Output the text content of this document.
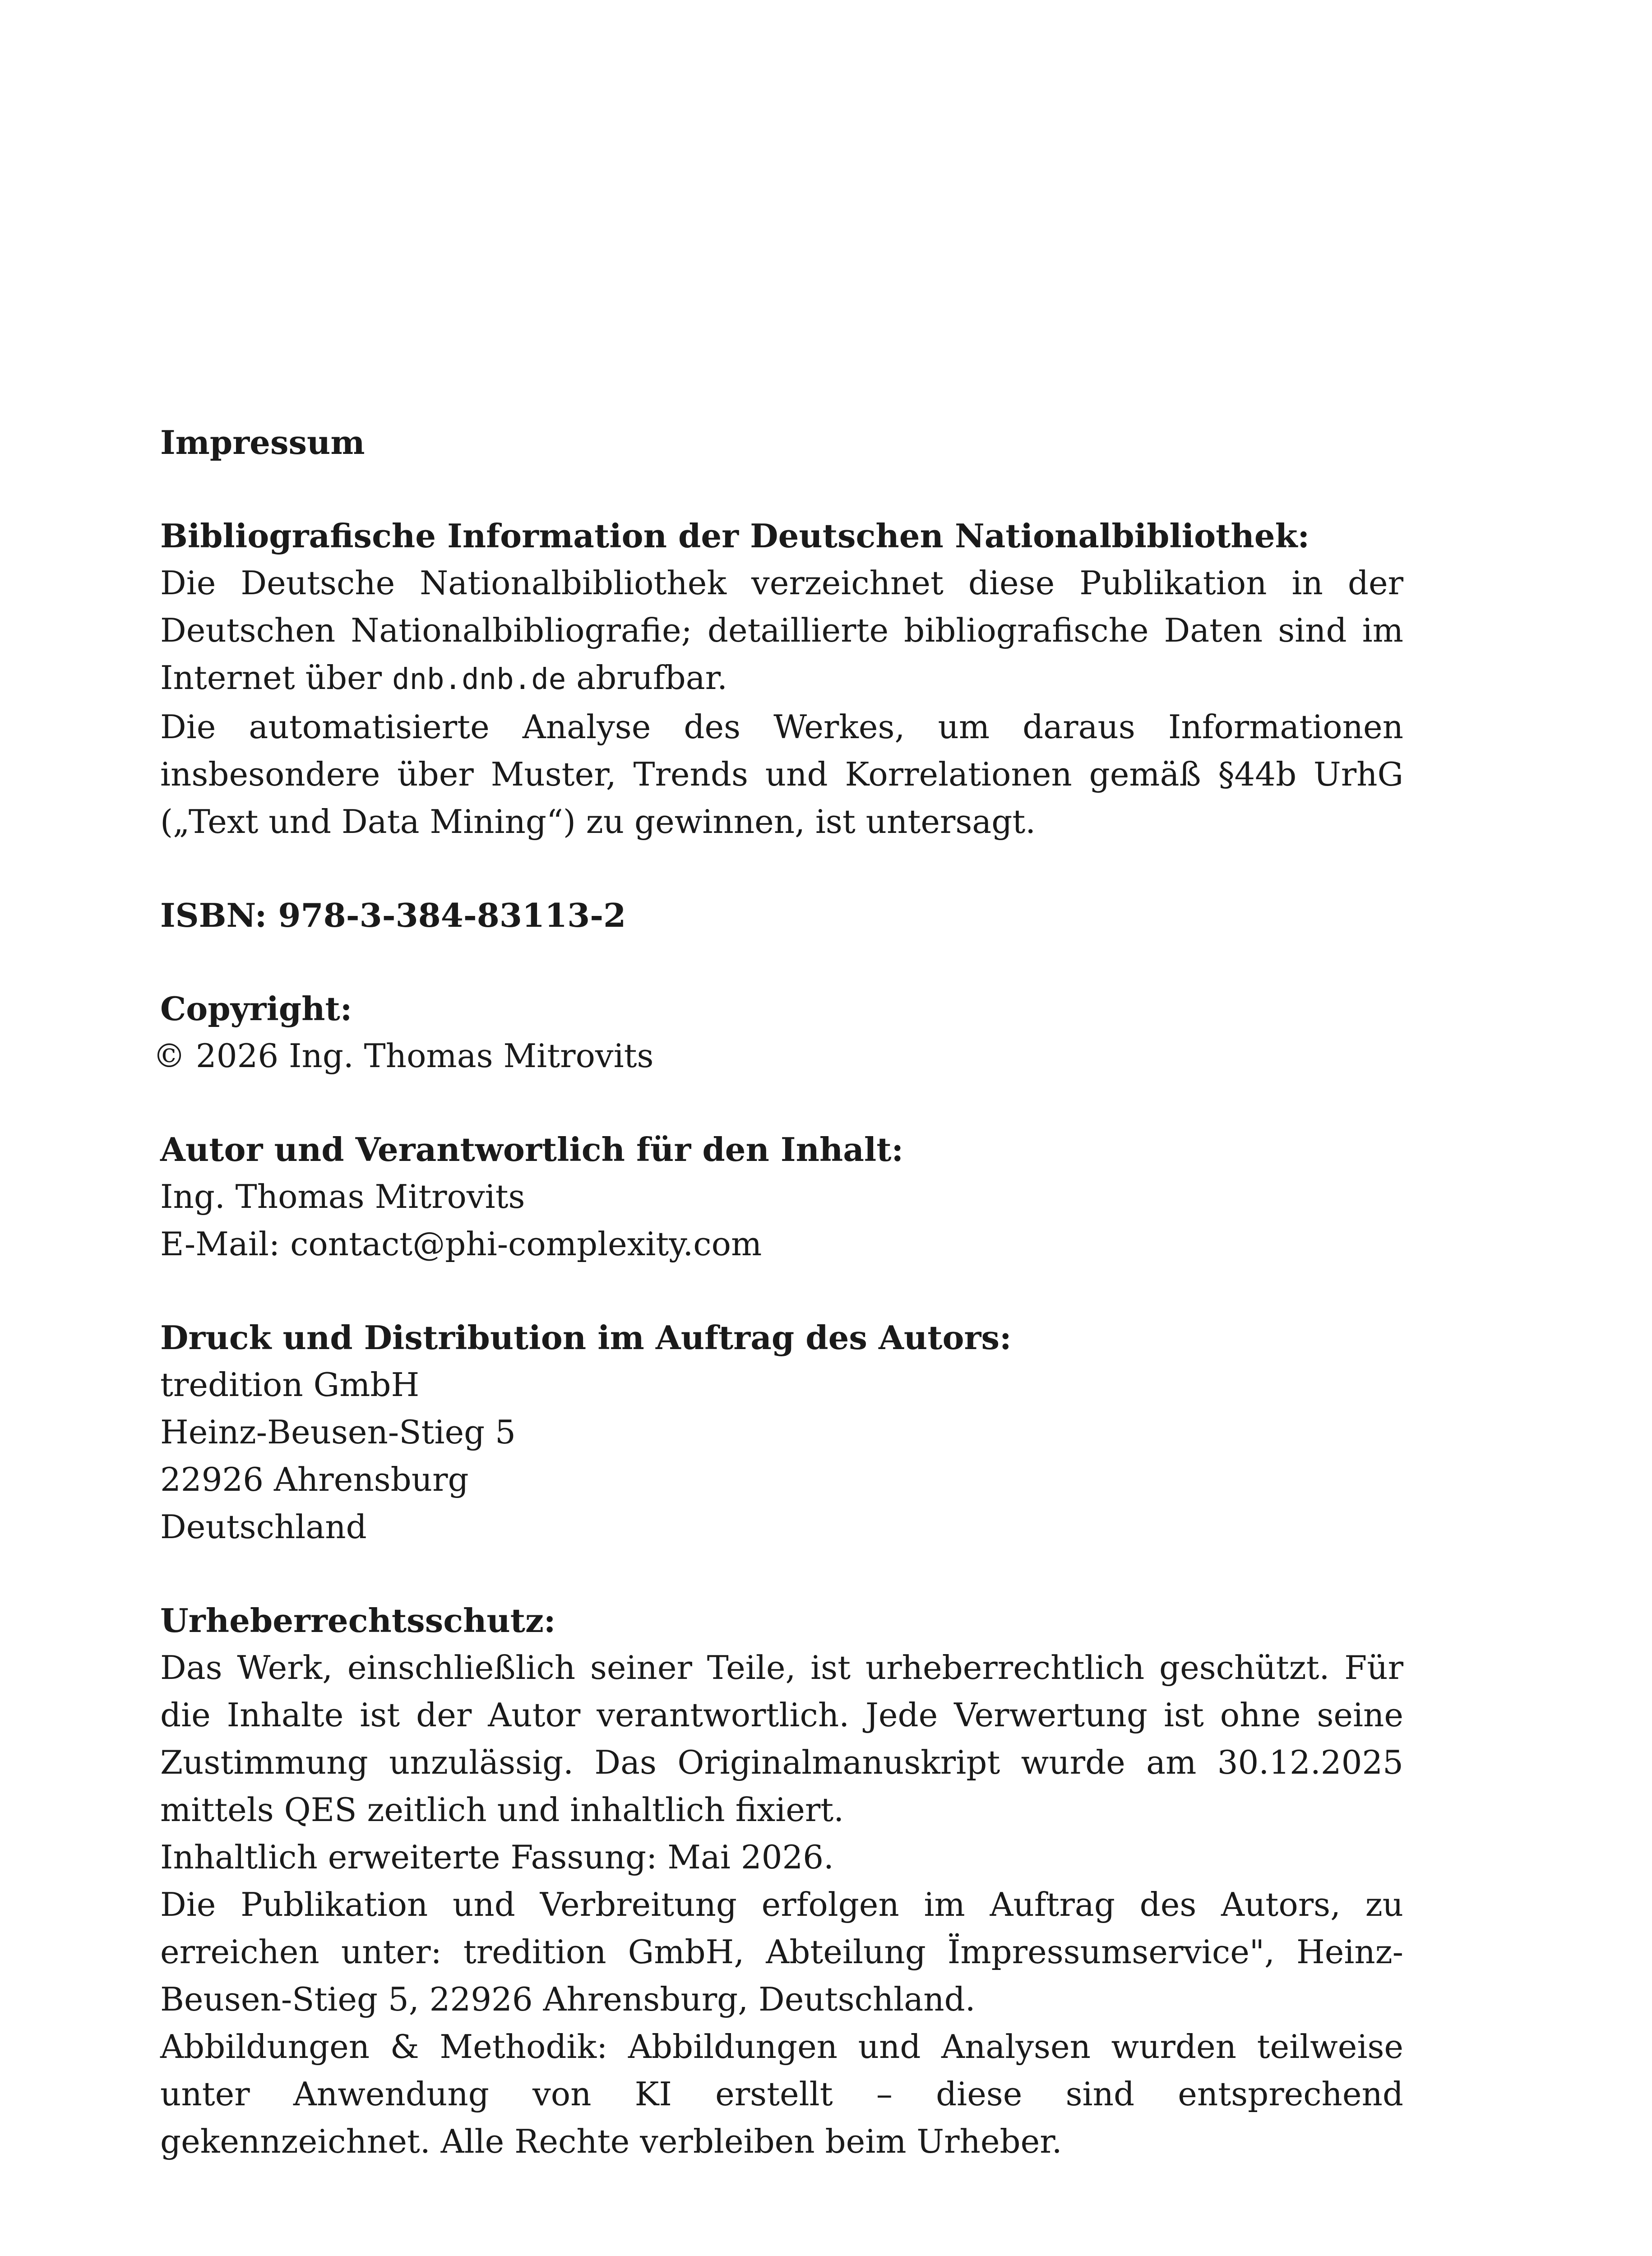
Impressum

Bibliografische Information der Deutschen Nationalbibliothek:

Die Deutsche Nationalbibliothek verzeichnet diese Publikation in der Deutschen Nationalbibliografie; detaillierte bibliografische Daten sind im Internet über dnb.dnb.de abrufbar.

Die automatisierte Analyse des Werkes, um daraus Informationen insbesondere über Muster, Trends und Korrelationen gemäß §44b UrhG („Text und Data Mining“) zu gewinnen, ist untersagt.

ISBN: 978-3-384-83113-2

Copyright:

© 2026 Ing. Thomas Mitrovits

Autor und Verantwortlich für den Inhalt:

Ing. Thomas Mitrovits

E-Mail: contact@phi-complexity.com

Druck und Distribution im Auftrag des Autors:

tredition GmbH

Heinz-Beusen-Stieg 5

22926 Ahrensburg

Deutschland

Urheberrechtsschutz:

Das Werk, einschließlich seiner Teile, ist urheberrechtlich geschützt. Für die Inhalte ist der Autor verantwortlich. Jede Verwertung ist ohne seine Zustimmung unzulässig. Das Originalmanuskript wurde am 30.12.2025 mittels QES zeitlich und inhaltlich fixiert.

Inhaltlich erweiterte Fassung: Mai 2026.

Die Publikation und Verbreitung erfolgen im Auftrag des Autors, zu erreichen unter: tredition GmbH, Abteilung Ïmpressumservice", Heinz-Beusen-Stieg 5, 22926 Ahrensburg, Deutschland.

Abbildungen & Methodik: Abbildungen und Analysen wurden teilweise unter Anwendung von KI erstellt – diese sind entsprechend gekennzeichnet. Alle Rechte verbleiben beim Urheber.
